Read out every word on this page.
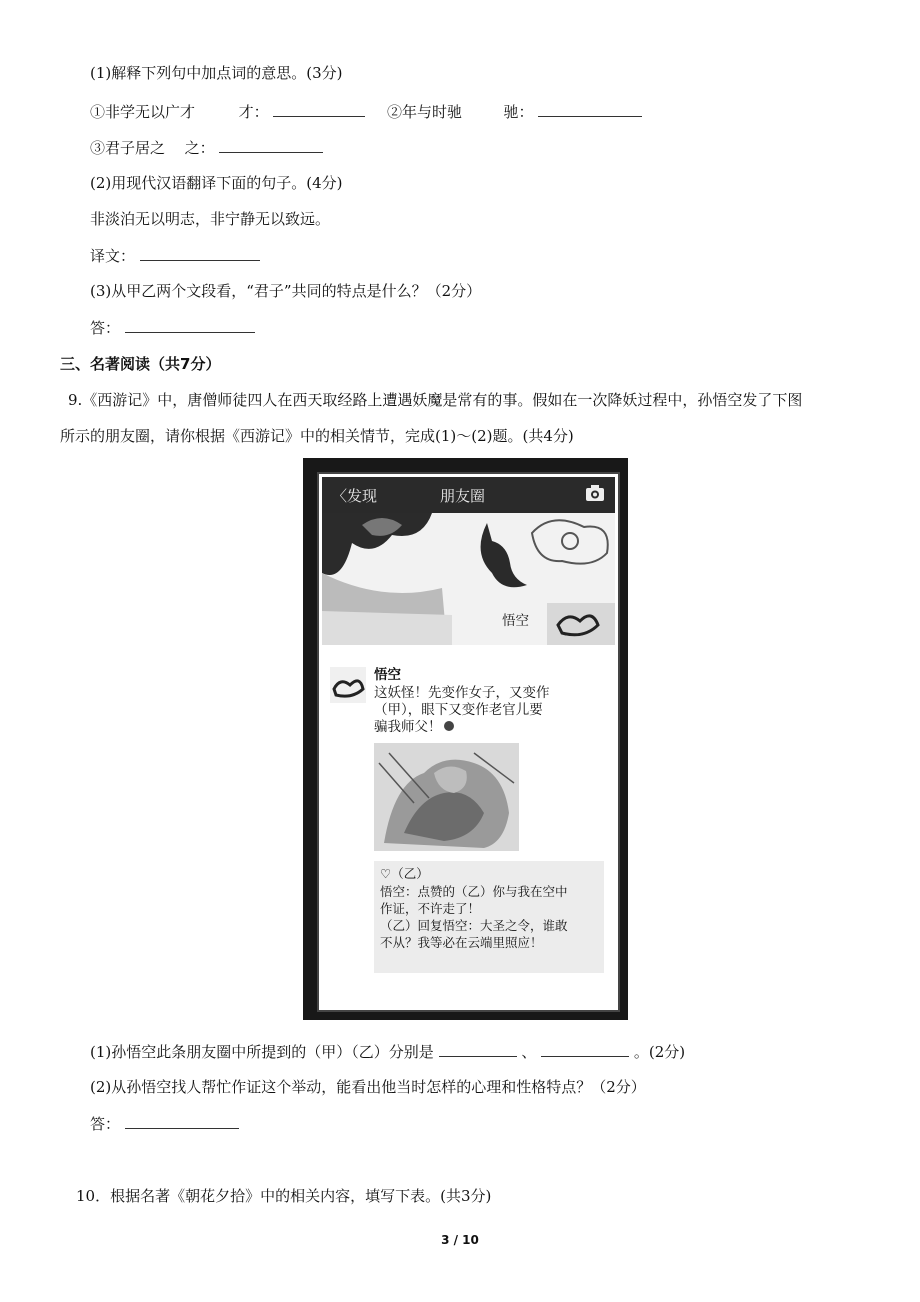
(1)解释下列句中加点词的意思。(3分)
①非学无以广才	才：	②年与时驰	驰：
③君子居之 之：
(2)用现代汉语翻译下面的句子。(4分)
非淡泊无以明志，非宁静无以致远。
译文：
(3)从甲乙两个文段看，“君子”共同的特点是什么？（2分）
答：
三、名著阅读（共7分）
9.《西游记》中，唐僧师徒四人在西天取经路上遭遇妖魔是常有的事。假如在一次降妖过程中，孙悟空发了下图
所示的朋友圈，请你根据《西游记》中的相关情节，完成(1)～(2)题。(共4分)
〈发现	朋友圈
悟空
悟空
这妖怪！先变作女子，又变作
（甲），眼下又变作老官儿要
骗我师父！
♡（乙）
悟空：点赞的（乙）你与我在空中
作证，不许走了！
（乙）回复悟空：大圣之令，谁敢
不从？我等必在云端里照应！
(1)孙悟空此条朋友圈中所提到的（甲）（乙）分别是	、	。(2分)
(2)从孙悟空找人帮忙作证这个举动，能看出他当时怎样的心理和性格特点？（2分）
答：
10．根据名著《朝花夕拾》中的相关内容，填写下表。(共3分)
3 / 10
